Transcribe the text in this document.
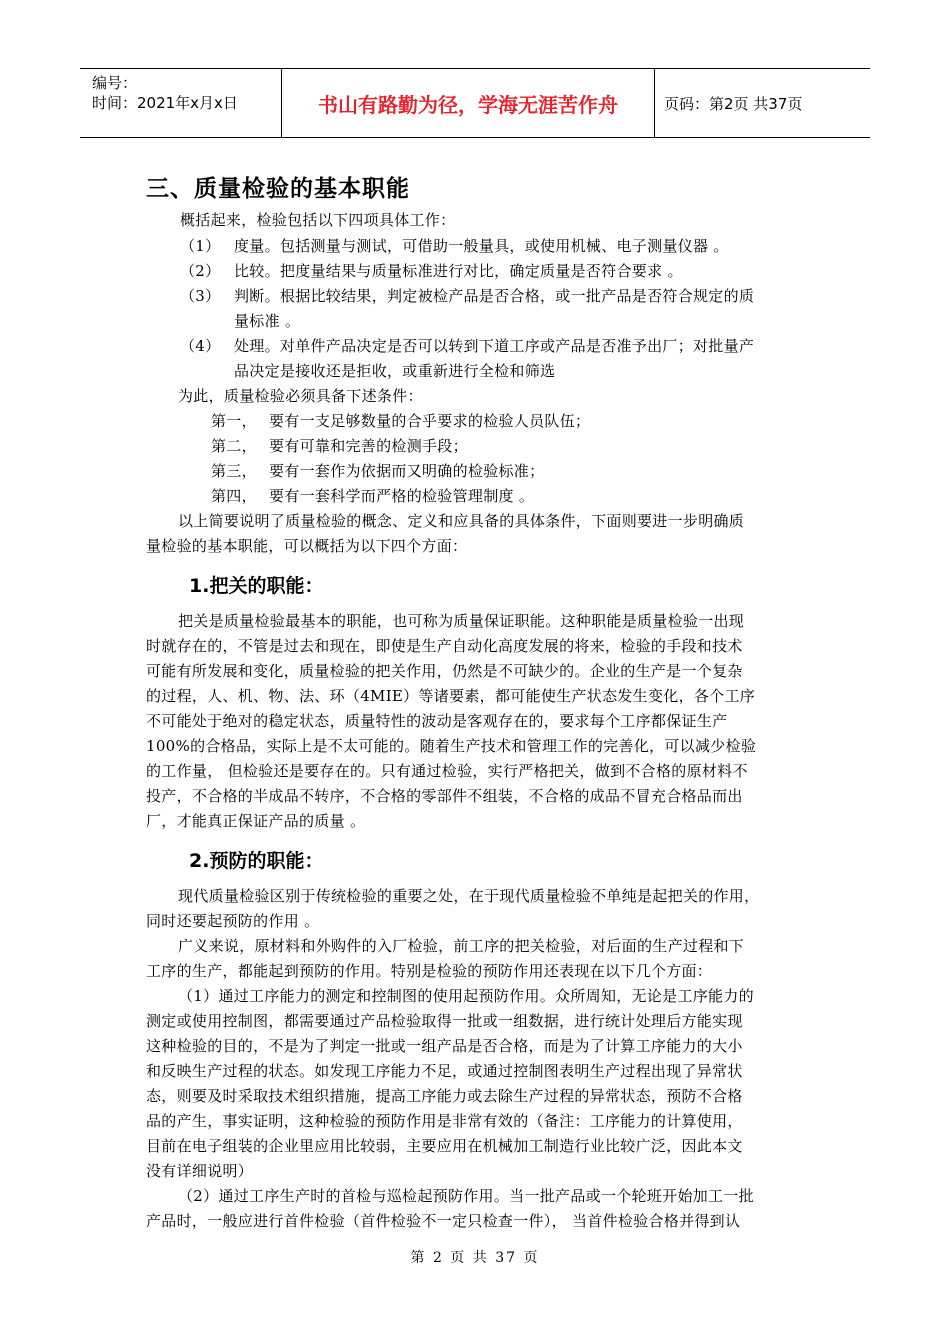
编号：
时间：2021年x月x日	书山有路勤为径，学海无涯苦作舟	页码：第2页 共37页
三、质量检验的基本职能
概括起来，检验包括以下四项具体工作：
（1） 度量。包括测量与测试，可借助一般量具，或使用机械、电子测量仪器 。
（2） 比较。把度量结果与质量标准进行对比，确定质量是否符合要求 。
（3） 判断。根据比较结果，判定被检产品是否合格，或一批产品是否符合规定的质
量标准 。
（4） 处理。对单件产品决定是否可以转到下道工序或产品是否准予出厂；对批量产
品决定是接收还是拒收，或重新进行全检和筛选
为此，质量检验必须具备下述条件：
第一， 要有一支足够数量的合乎要求的检验人员队伍；
第二， 要有可靠和完善的检测手段；
第三， 要有一套作为依据而又明确的检验标准；
第四， 要有一套科学而严格的检验管理制度 。
以上简要说明了质量检验的概念、定义和应具备的具体条件，下面则要进一步明确质
量检验的基本职能，可以概括为以下四个方面：
1.把关的职能：
把关是质量检验最基本的职能，也可称为质量保证职能。这种职能是质量检验一出现
时就存在的，不管是过去和现在，即使是生产自动化高度发展的将来，检验的手段和技术
可能有所发展和变化，质量检验的把关作用，仍然是不可缺少的。企业的生产是一个复杂
的过程，人、机、物、法、环（4MIE）等诸要素，都可能使生产状态发生变化，各个工序
不可能处于绝对的稳定状态，质量特性的波动是客观存在的，要求每个工序都保证生产
100%的合格品，实际上是不太可能的。随着生产技术和管理工作的完善化，可以减少检验
的工作量， 但检验还是要存在的。只有通过检验，实行严格把关，做到不合格的原材料不
投产，不合格的半成品不转序，不合格的零部件不组装，不合格的成品不冒充合格品而出
厂，才能真正保证产品的质量 。
2.预防的职能：
现代质量检验区别于传统检验的重要之处，在于现代质量检验不单纯是起把关的作用，
同时还要起预防的作用 。
广义来说，原材料和外购件的入厂检验，前工序的把关检验，对后面的生产过程和下
工序的生产，都能起到预防的作用。特别是检验的预防作用还表现在以下几个方面：
（1）通过工序能力的测定和控制图的使用起预防作用。众所周知，无论是工序能力的
测定或使用控制图，都需要通过产品检验取得一批或一组数据，进行统计处理后方能实现
这种检验的目的，不是为了判定一批或一组产品是否合格，而是为了计算工序能力的大小
和反映生产过程的状态。如发现工序能力不足，或通过控制图表明生产过程出现了异常状
态，则要及时采取技术组织措施，提高工序能力或去除生产过程的异常状态，预防不合格
品的产生，事实证明，这种检验的预防作用是非常有效的（备注：工序能力的计算使用，
目前在电子组装的企业里应用比较弱，主要应用在机械加工制造行业比较广泛，因此本文
没有详细说明）
（2）通过工序生产时的首检与巡检起预防作用。当一批产品或一个轮班开始加工一批
产品时，一般应进行首件检验（首件检验不一定只检查一件）， 当首件检验合格并得到认
第 2 页 共 37 页
